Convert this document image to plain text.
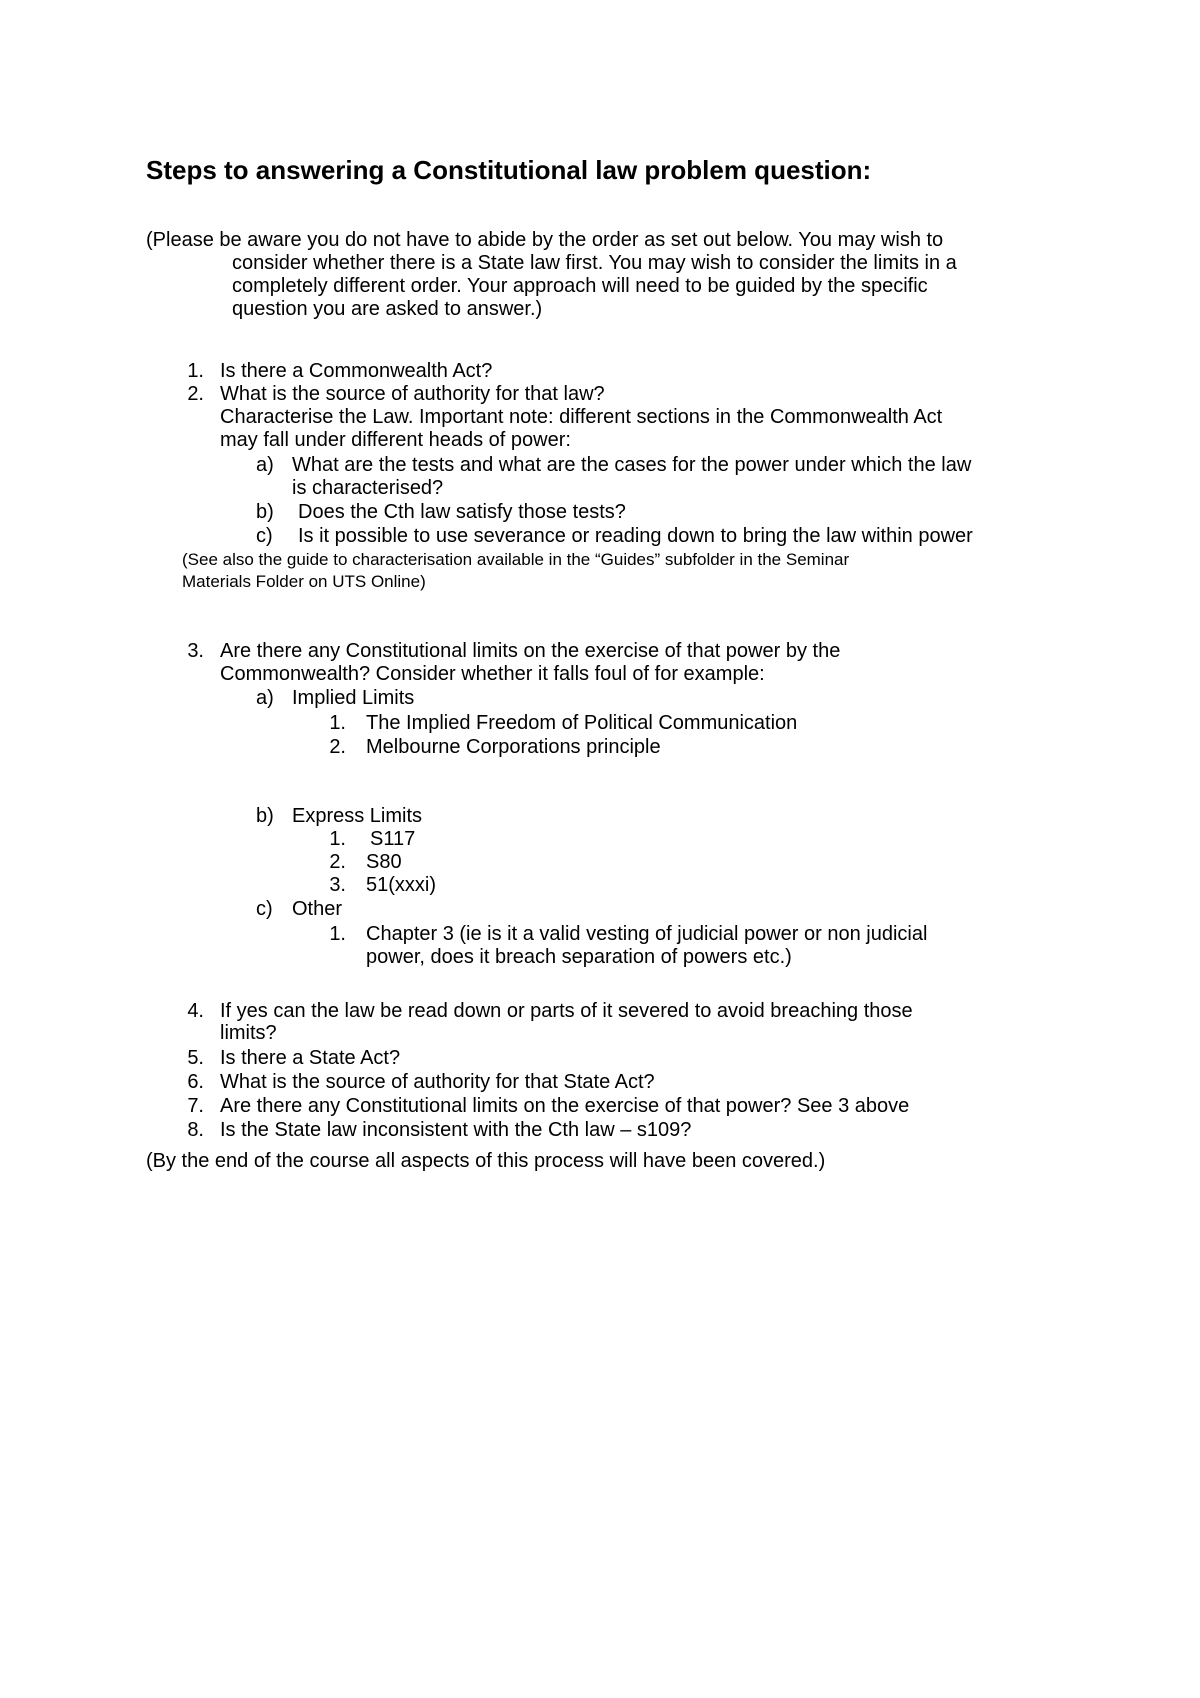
Steps to answering a Constitutional law problem question:
(Please be aware you do not have to abide by the order as set out below. You may wish to
consider whether there is a State law first. You may wish to consider the limits in a
completely different order. Your approach will need to be guided by the specific
question you are asked to answer.)
1. Is there a Commonwealth Act?
2. What is the source of authority for that law?
Characterise the Law. Important note: different sections in the Commonwealth Act
may fall under different heads of power:
a) What are the tests and what are the cases for the power under which the law
is characterised?
b) Does the Cth law satisfy those tests?
c) Is it possible to use severance or reading down to bring the law within power
(See also the guide to characterisation available in the “Guides” subfolder in the Seminar
Materials Folder on UTS Online)
3. Are there any Constitutional limits on the exercise of that power by the
Commonwealth? Consider whether it falls foul of for example:
a) Implied Limits
1. The Implied Freedom of Political Communication
2. Melbourne Corporations principle
b) Express Limits
1. S117
2. S80
3. 51(xxxi)
c) Other
1. Chapter 3 (ie is it a valid vesting of judicial power or non judicial
power, does it breach separation of powers etc.)
4. If yes can the law be read down or parts of it severed to avoid breaching those
limits?
5. Is there a State Act?
6. What is the source of authority for that State Act?
7. Are there any Constitutional limits on the exercise of that power? See 3 above
8. Is the State law inconsistent with the Cth law – s109?
(By the end of the course all aspects of this process will have been covered.)
